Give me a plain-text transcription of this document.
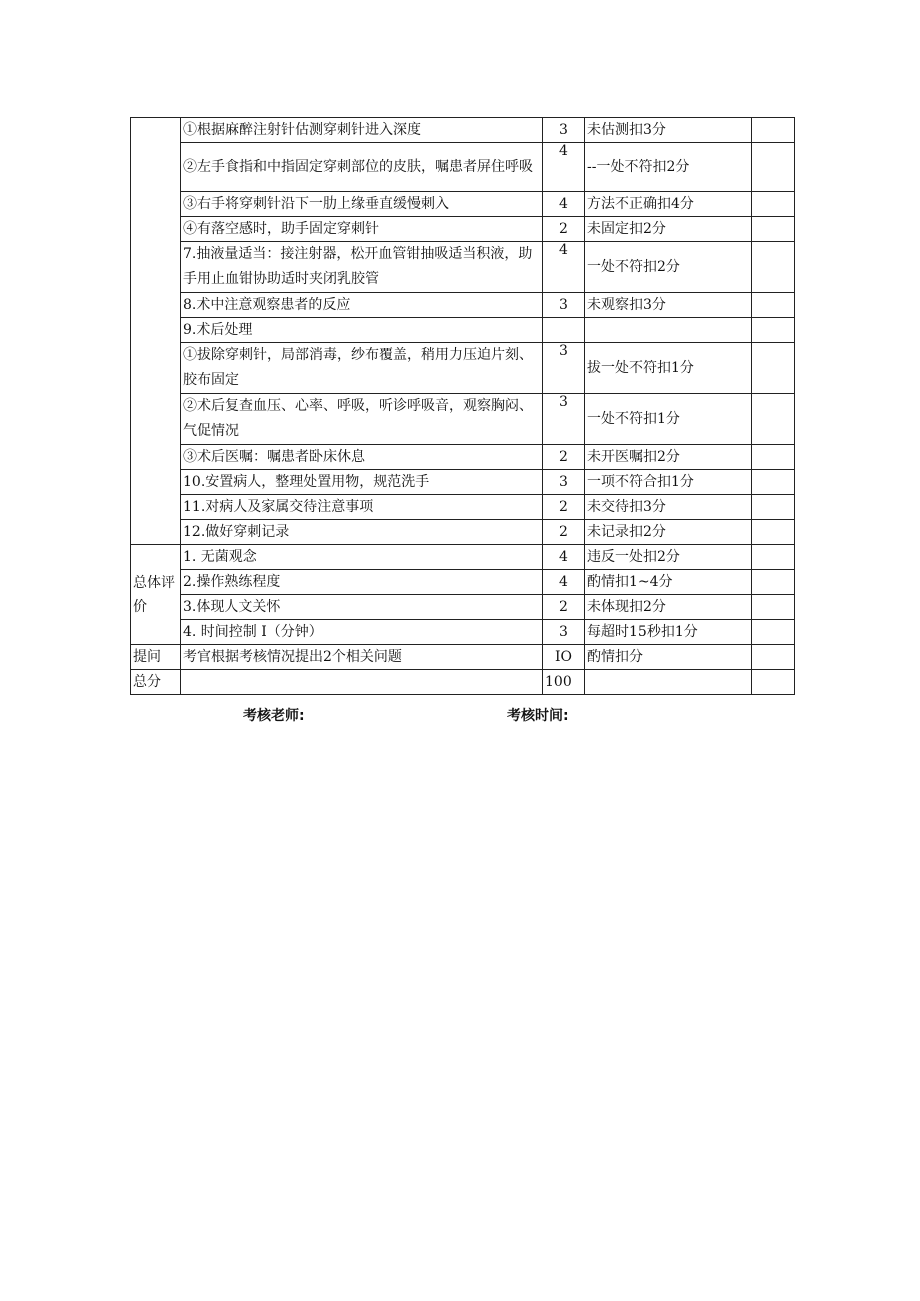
	①根据麻醉注射针估测穿刺针进入深度	3	未估测扣3分	
	②左手食指和中指固定穿刺部位的皮肤，嘱患者屏住呼吸	4	--一处不符扣2分	
	③右手将穿刺针沿下一肋上缘垂直缓慢刺入	4	方法不正确扣4分	
	④有落空感时，助手固定穿刺针	2	未固定扣2分	
	7.抽液量适当：接注射器，松开血管钳抽吸适当积液，助手用止血钳协助适时夹闭乳胶管	4	一处不符扣2分	
	8.术中注意观察患者的反应	3	未观察扣3分	
	9.术后处理			
	①拔除穿刺针，局部消毒，纱布覆盖，稍用力压迫片刻、胶布固定	3	拔一处不符扣1分	
	②术后复查血压、心率、呼吸，听诊呼吸音，观察胸闷、气促情况	3	一处不符扣1分	
	③术后医嘱：嘱患者卧床休息	2	未开医嘱扣2分	
	10.安置病人，整理处置用物，规范洗手	3	一项不符合扣1分	
	11.对病人及家属交待注意事项	2	未交待扣3分	
	12.做好穿刺记录	2	未记录扣2分	
总体评价	1. 无菌观念	4	违反一处扣2分	
	2.操作熟练程度	4	酌情扣1~4分	
	3.体现人文关怀	2	未体现扣2分	
	4. 时间控制 I（分钟）	3	每超时15秒扣1分	
提问	考官根据考核情况提出2个相关问题	IO	酌情扣分	
总分		100		
考核老师:	考核时间:
